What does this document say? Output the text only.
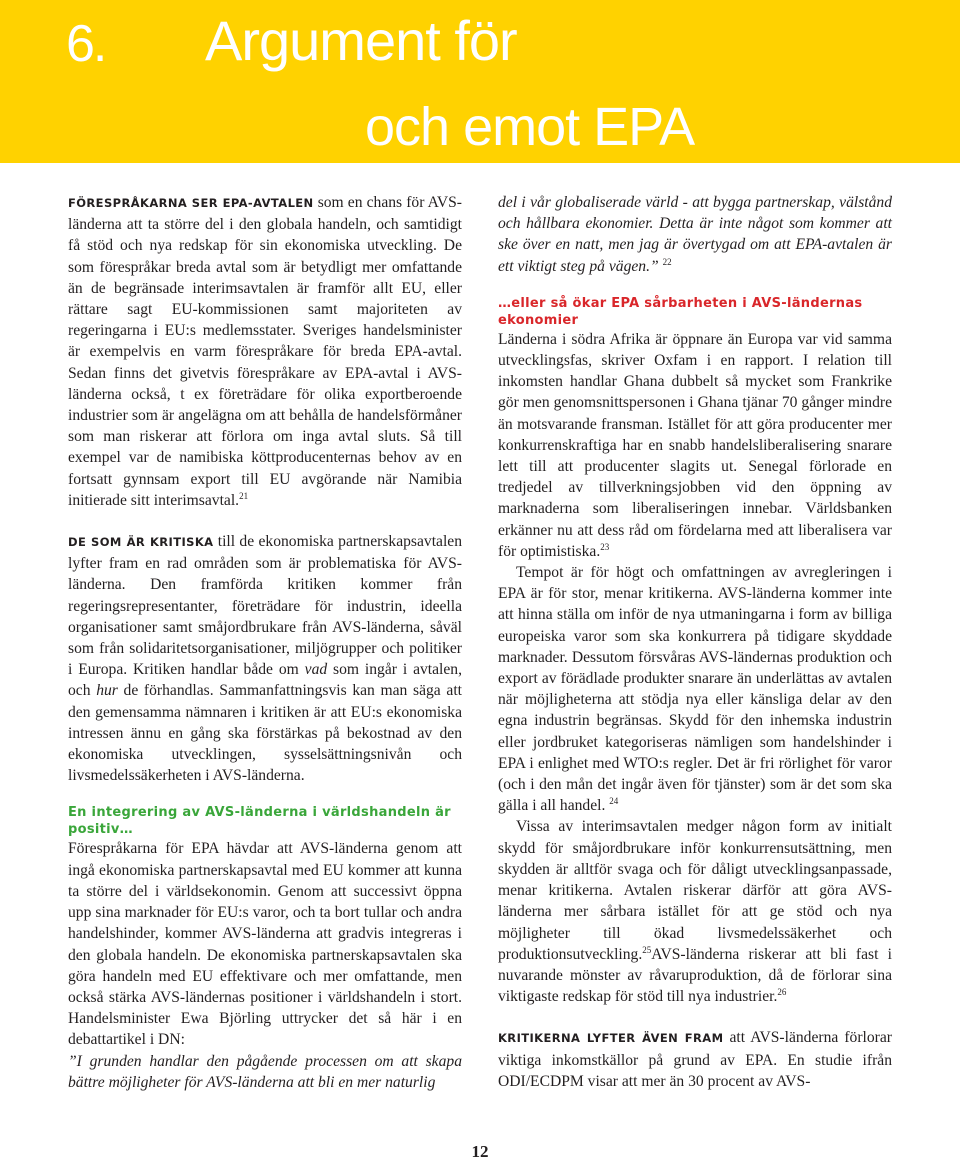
6. Argument för
och emot EPA

FÖRESPRÅKARNA SER EPA-AVTALEN som en chans för AVS-länderna att ta större del i den globala handeln, och samtidigt få stöd och nya redskap för sin ekonomiska utveckling. De som förespråkar breda avtal som är betydligt mer omfattande än de begränsade interimsavtalen är framför allt EU, eller rättare sagt EU-kommissionen samt majoriteten av regeringarna i EU:s medlemsstater. Sveriges handelsminister är exempelvis en varm förespråkare för breda EPA-avtal. Sedan finns det givetvis förespråkare av EPA-avtal i AVS-länderna också, t ex företrädare för olika exportberoende industrier som är angelägna om att behålla de handelsförmåner som man riskerar att förlora om inga avtal sluts. Så till exempel var de namibiska köttproducenternas behov av en fortsatt gynnsam export till EU avgörande när Namibia initierade sitt interimsavtal.$^{21}$

DE SOM ÄR KRITISKA till de ekonomiska partnerskapsavtalen lyfter fram en rad områden som är problematiska för AVS-länderna. Den framförda kritiken kommer från regeringsrepresentanter, företrädare för industrin, ideella organisationer samt småjordbrukare från AVS-länderna, såväl som från solidaritetsorganisationer, miljögrupper och politiker i Europa. Kritiken handlar både om vad som ingår i avtalen, och hur de förhandlas. Sammanfattningsvis kan man säga att den gemensamma nämnaren i kritiken är att EU:s ekonomiska intressen ännu en gång ska förstärkas på bekostnad av den ekonomiska utvecklingen, sysselsättningsnivån och livsmedelssäkerheten i AVS-länderna.

En integrering av AVS-länderna i världshandeln är positiv…

Förespråkarna för EPA hävdar att AVS-länderna genom att ingå ekonomiska partnerskapsavtal med EU kommer att kunna ta större del i världsekonomin. Genom att successivt öppna upp sina marknader för EU:s varor, och ta bort tullar och andra handelshinder, kommer AVS-länderna att gradvis integreras i den globala handeln. De ekonomiska partnerskapsavtalen ska göra handeln med EU effektivare och mer omfattande, men också stärka AVS-ländernas positioner i världshandeln i stort. Handelsminister Ewa Björling uttrycker det så här i en debattartikel i DN:

”I grunden handlar den pågående processen om att skapa bättre möjligheter för AVS-länderna att bli en mer naturlig

del i vår globaliserade värld - att bygga partnerskap, välstånd och hållbara ekonomier. Detta är inte något som kommer att ske över en natt, men jag är övertygad om att EPA-avtalen är ett viktigt steg på vägen.” $^{22}$

…eller så ökar EPA sårbarheten i AVS-ländernas ekonomier

Länderna i södra Afrika är öppnare än Europa var vid samma utvecklingsfas, skriver Oxfam i en rapport. I relation till inkomsten handlar Ghana dubbelt så mycket som Frankrike gör men genomsnittspersonen i Ghana tjänar 70 gånger mindre än motsvarande fransman. Istället för att göra producenter mer konkurrenskraftiga har en snabb handelsliberalisering snarare lett till att producenter slagits ut. Senegal förlorade en tredjedel av tillverkningsjobben vid den öppning av marknaderna som liberaliseringen innebar. Världsbanken erkänner nu att dess råd om fördelarna med att liberalisera var för optimistiska.$^{23}$

Tempot är för högt och omfattningen av avregleringen i EPA är för stor, menar kritikerna. AVS-länderna kommer inte att hinna ställa om inför de nya utmaningarna i form av billiga europeiska varor som ska konkurrera på tidigare skyddade marknader. Dessutom försvåras AVS-ländernas produktion och export av förädlade produkter snarare än underlättas av avtalen när möjligheterna att stödja nya eller känsliga delar av den egna industrin begränsas. Skydd för den inhemska industrin eller jordbruket kategoriseras nämligen som handelshinder i EPA i enlighet med WTO:s regler. Det är fri rörlighet för varor (och i den mån det ingår även för tjänster) som är det som ska gälla i all handel. $^{24}$

Vissa av interimsavtalen medger någon form av initialt skydd för småjordbrukare inför konkurrensutsättning, men skydden är alltför svaga och för dåligt utvecklingsanpassade, menar kritikerna. Avtalen riskerar därför att göra AVS-länderna mer sårbara istället för att ge stöd och nya möjligheter till ökad livsmedelssäkerhet och produktionsutveckling.$^{25}$AVS-länderna riskerar att bli fast i nuvarande mönster av råvaruproduktion, då de förlorar sina viktigaste redskap för stöd till nya industrier.$^{26}$

KRITIKERNA LYFTER ÄVEN FRAM att AVS-länderna förlorar viktiga inkomstkällor på grund av EPA. En studie ifrån ODI/ECDPM visar att mer än 30 procent av AVS-

12
